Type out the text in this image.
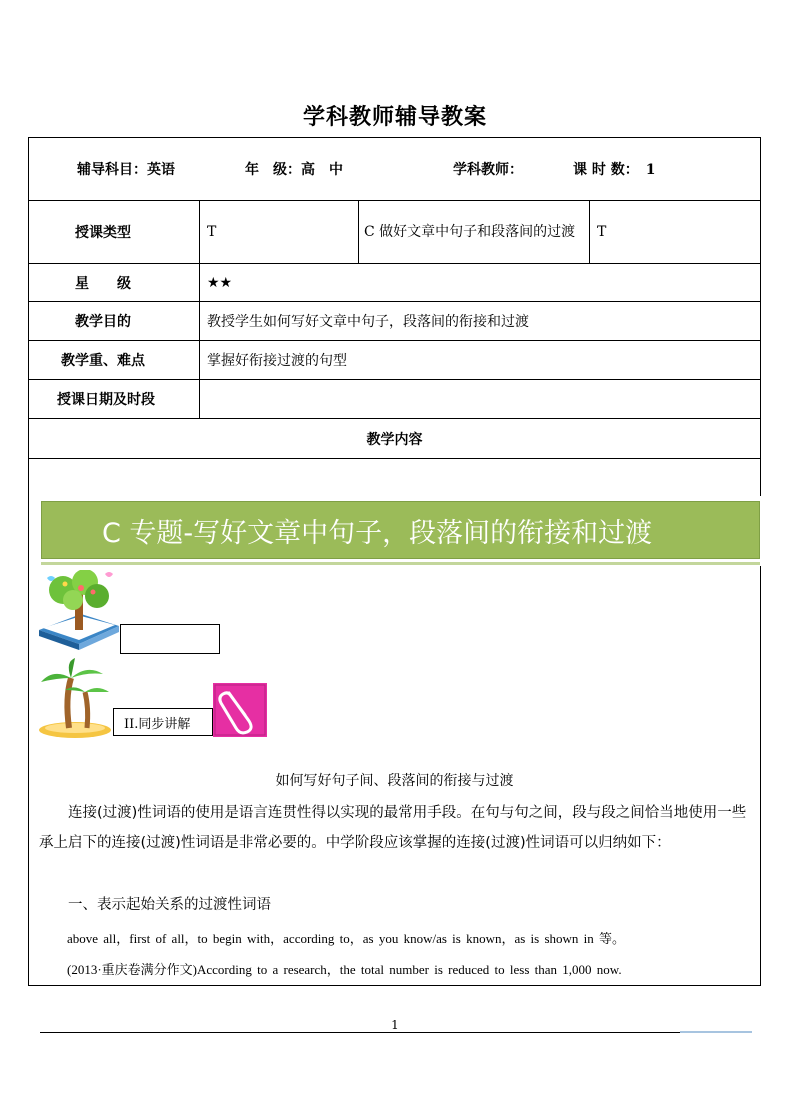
学科教师辅导教案
辅导科目：英语	年　级：高　中	学科教师：	课 时 数：　1
授课类型	T	C 做好文章中句子和段落间的过渡	T
星　　级	★★
教学目的	教授学生如何写好文章中句子，段落间的衔接和过渡
教学重、难点	掌握好衔接过渡的句型
授课日期及时段
教学内容
C 专题-写好文章中句子，段落间的衔接和过渡
II.同步讲解
如何写好句子间、段落间的衔接与过渡
连接(过渡)性词语的使用是语言连贯性得以实现的最常用手段。在句与句之间，段与段之间恰当地使用一些承上启下的连接(过渡)性词语是非常必要的。中学阶段应该掌握的连接(过渡)性词语可以归纳如下：
一、表示起始关系的过渡性词语
above all，first of all，to begin with，according to，as you know/as is known，as is shown in 等。
(2013·重庆卷满分作文)According to a research，the total number is reduced to less than 1,000 now.
1
